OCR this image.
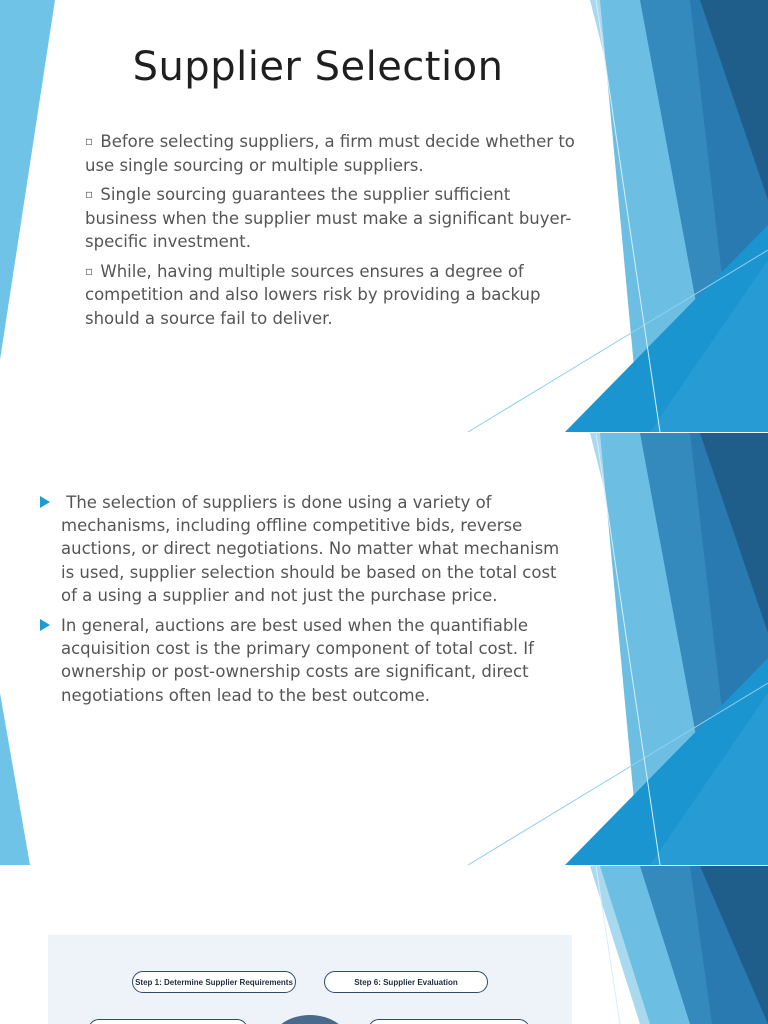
Supplier Selection
▫ Before selecting suppliers, a firm must decide whether to use single sourcing or multiple suppliers.
▫ Single sourcing guarantees the supplier sufficient business when the supplier must make a significant buyer-specific investment.
▫ While, having multiple sources ensures a degree of competition and also lowers risk by providing a backup should a source fail to deliver.
The selection of suppliers is done using a variety of mechanisms, including offline competitive bids, reverse auctions, or direct negotiations. No matter what mechanism is used, supplier selection should be based on the total cost of a using a supplier and not just the purchase price.
In general, auctions are best used when the quantifiable acquisition cost is the primary component of total cost. If ownership or post-ownership costs are significant, direct negotiations often lead to the best outcome.
Step 1: Determine Supplier Requirements	Step 6: Supplier Evaluation
